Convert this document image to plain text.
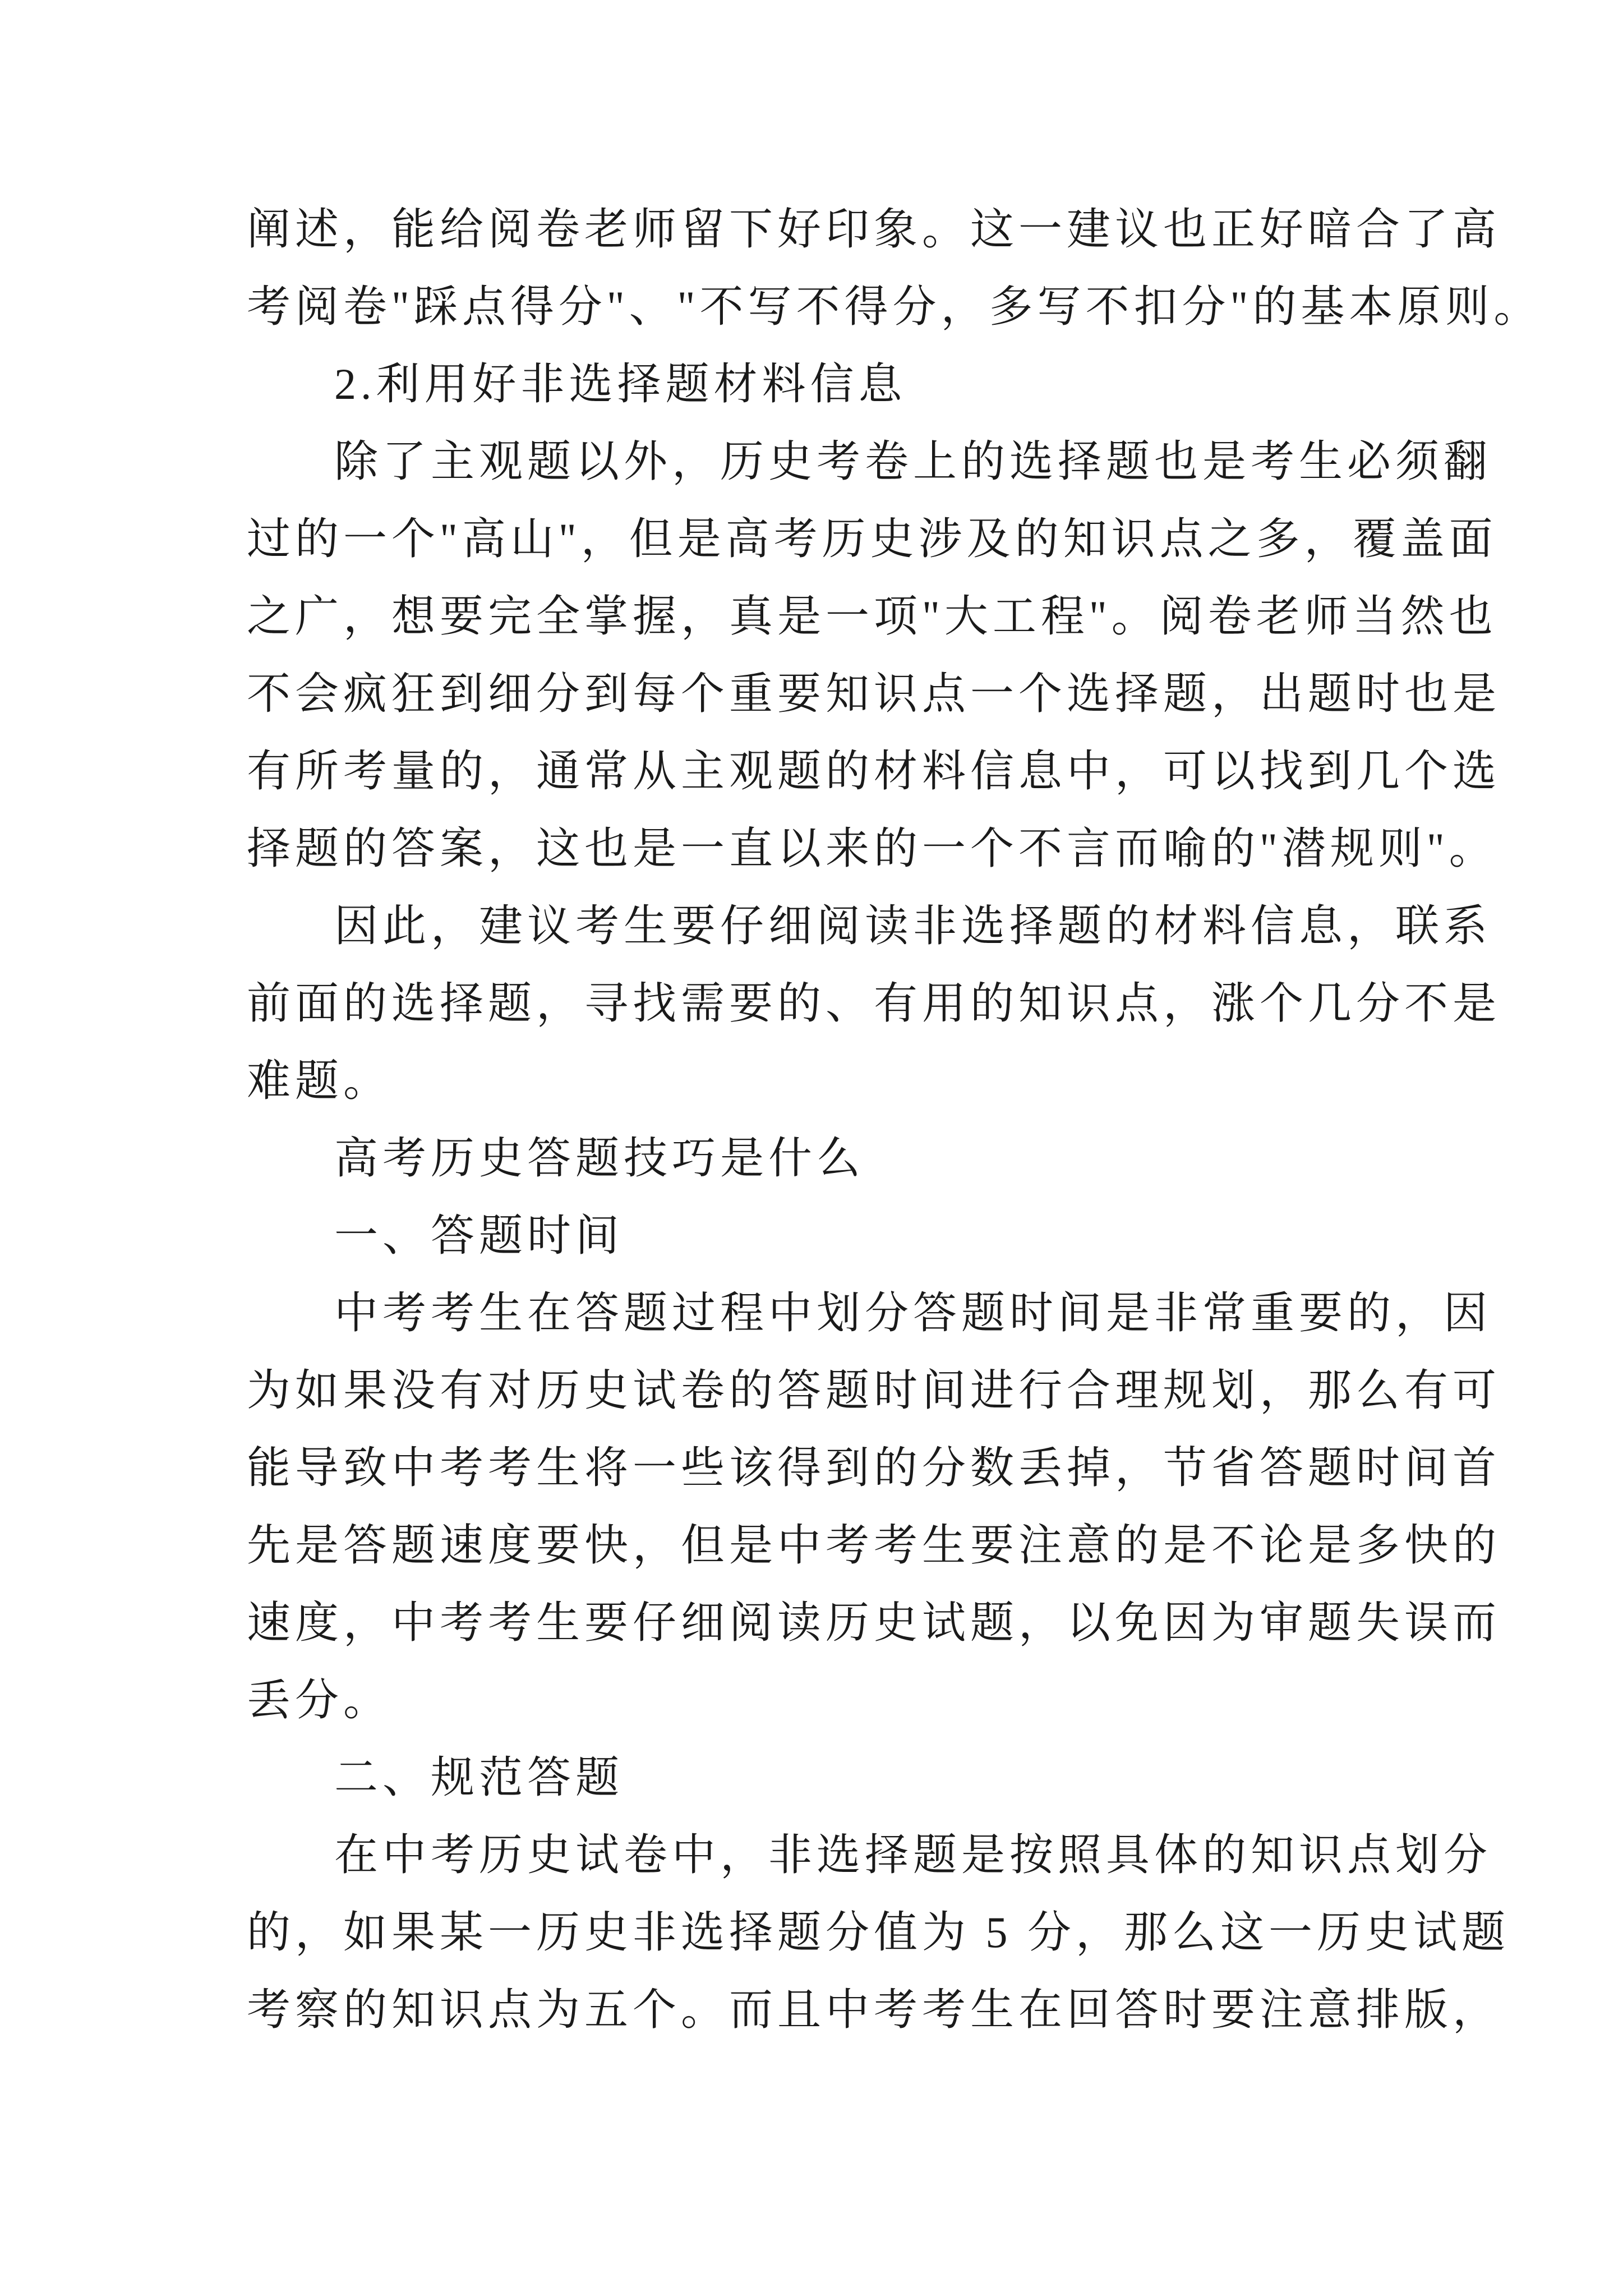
阐述，能给阅卷老师留下好印象。这一建议也正好暗合了高
考阅卷"踩点得分"、"不写不得分，多写不扣分"的基本原则。
2.利用好非选择题材料信息
除了主观题以外，历史考卷上的选择题也是考生必须翻
过的一个"高山"，但是高考历史涉及的知识点之多，覆盖面
之广，想要完全掌握，真是一项"大工程"。阅卷老师当然也
不会疯狂到细分到每个重要知识点一个选择题，出题时也是
有所考量的，通常从主观题的材料信息中，可以找到几个选
择题的答案，这也是一直以来的一个不言而喻的"潜规则"。
因此，建议考生要仔细阅读非选择题的材料信息，联系
前面的选择题，寻找需要的、有用的知识点，涨个几分不是
难题。
高考历史答题技巧是什么
一、答题时间
中考考生在答题过程中划分答题时间是非常重要的，因
为如果没有对历史试卷的答题时间进行合理规划，那么有可
能导致中考考生将一些该得到的分数丢掉，节省答题时间首
先是答题速度要快，但是中考考生要注意的是不论是多快的
速度，中考考生要仔细阅读历史试题，以免因为审题失误而
丢分。
二、规范答题
在中考历史试卷中，非选择题是按照具体的知识点划分
的，如果某一历史非选择题分值为 5 分，那么这一历史试题
考察的知识点为五个。而且中考考生在回答时要注意排版，
